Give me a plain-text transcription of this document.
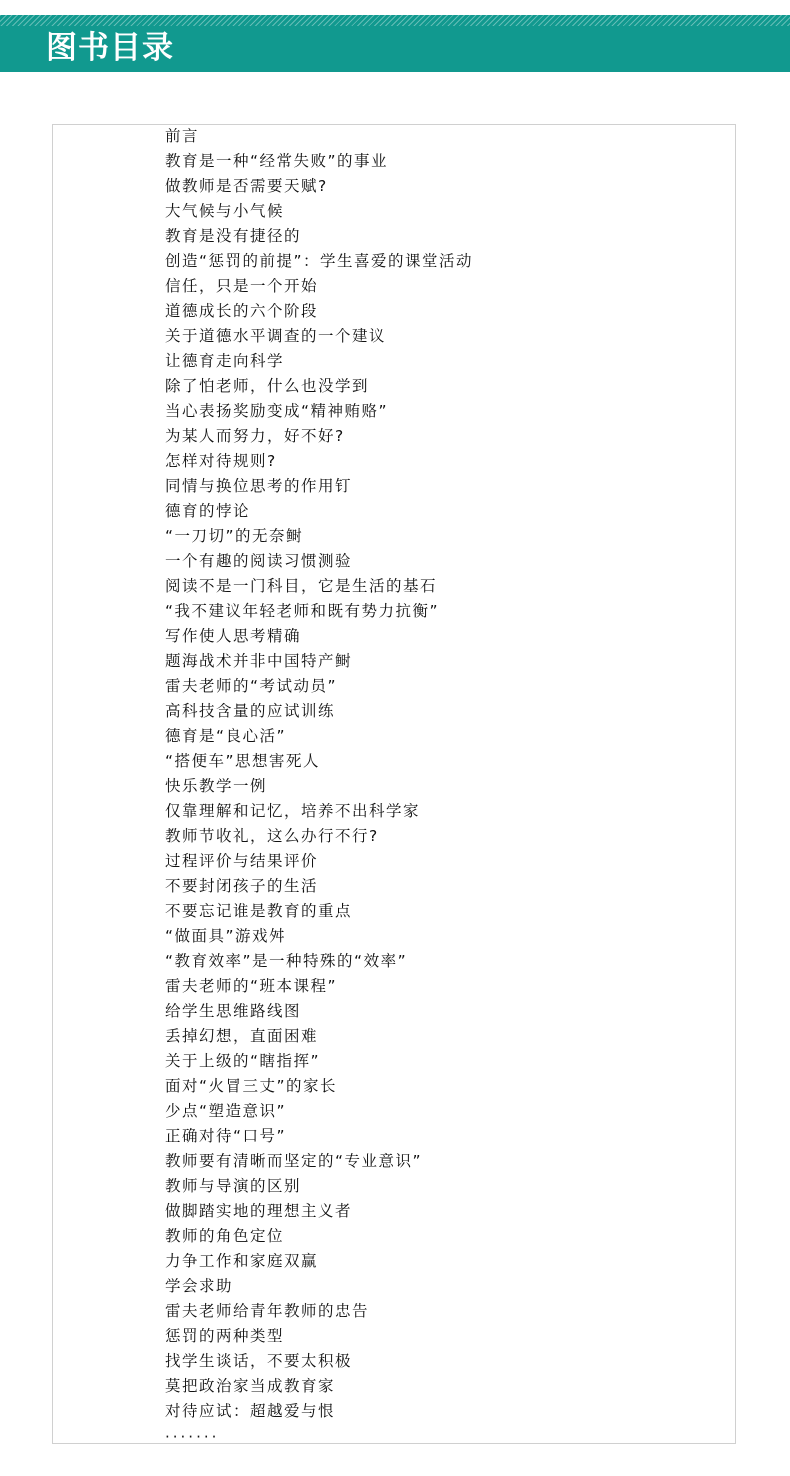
图书目录
前言
教育是一种“经常失败”的事业
做教师是否需要天赋?
大气候与小气候
教育是没有捷径的
创造“惩罚的前提”：学生喜爱的课堂活动
信任，只是一个开始
道德成长的六个阶段
关于道德水平调查的一个建议
让德育走向科学
除了怕老师，什么也没学到
当心表扬奖励变成“精神贿赂”
为某人而努力，好不好?
怎样对待规则?
同情与换位思考的作用钉
德育的悖论
“一刀切”的无奈鲥
一个有趣的阅读习惯测验
阅读不是一门科目，它是生活的基石
“我不建议年轻老师和既有势力抗衡”
写作使人思考精确
题海战术并非中国特产鲥
雷夫老师的“考试动员”
高科技含量的应试训练
德育是“良心活”
“搭便车”思想害死人
快乐教学一例
仅靠理解和记忆，培养不出科学家
教师节收礼，这么办行不行?
过程评价与结果评价
不要封闭孩子的生活
不要忘记谁是教育的重点
“做面具”游戏舛
“教育效率”是一种特殊的“效率”
雷夫老师的“班本课程”
给学生思维路线图
丢掉幻想，直面困难
关于上级的“瞎指挥”
面对“火冒三丈”的家长
少点“塑造意识”
正确对待“口号”
教师要有清晰而坚定的“专业意识”
教师与导演的区别
做脚踏实地的理想主义者
教师的角色定位
力争工作和家庭双赢
学会求助
雷夫老师给青年教师的忠告
惩罚的两种类型
找学生谈话，不要太积极
莫把政治家当成教育家
对待应试：超越爱与恨
·······
